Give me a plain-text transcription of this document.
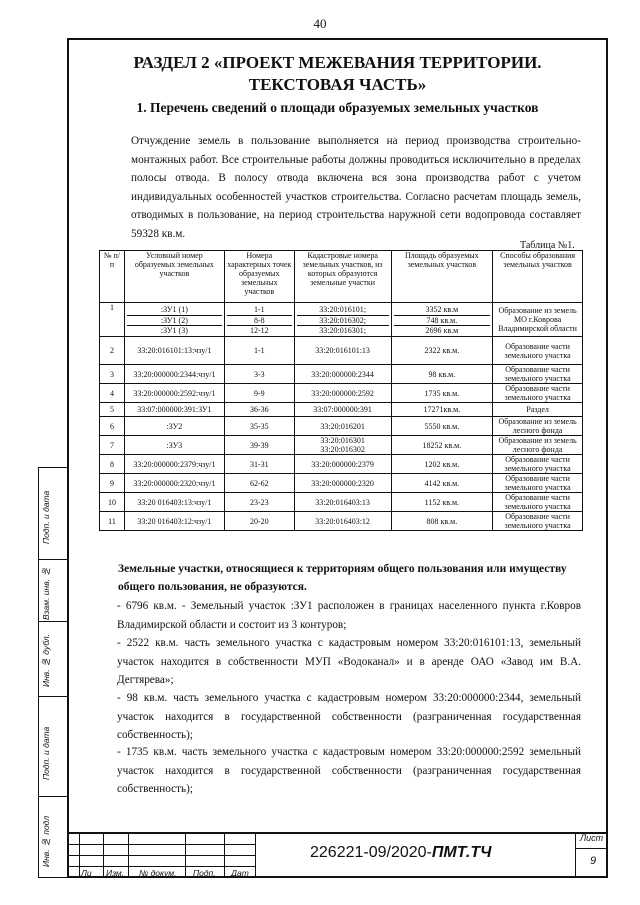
40
РАЗДЕЛ 2 «ПРОЕКТ МЕЖЕВАНИЯ ТЕРРИТОРИИ.
ТЕКСТОВАЯ ЧАСТЬ»
1. Перечень сведений о площади образуемых земельных участков
Отчуждение земель в пользование выполняется на период производства строительно-монтажных работ. Все строительные работы должны проводиться исключительно в пределах полосы отвода. В полосу отвода включена вся зона производства работ с учетом индивидуальных особенностей участков строительства. Согласно расчетам площадь земель, отводимых в пользование, на период строительства наружной сети водопровода составляет 59328 кв.м.
Таблица №1.
№ п/п	Условный номер образуемых земельных участков	Номера характерных точек образуемых земельных участков	Кадастровые номера земельных участков, из которых образуются земельные участки	Площадь образуемых земельных участков	Способы образования земельных участков
1	:ЗУ1 (1)
:ЗУ1 (2)
:ЗУ1 (3)	1-1
8-8
12-12	33:20:016101;
33:20:016302;
33:20:016301;	3352 кв.м
748 кв.м.
2696 кв.м	Образование из земель МО г.Коврова Владимирской области
2	33:20:016101:13:чзу/1	1-1	33:20:016101:13	2322 кв.м.	Образование части земельного участка
3	33:20:000000:2344:чзу/1	3-3	33:20:000000:2344	98 кв.м.	Образование части земельного участка
4	33:20:000000:2592:чзу/1	9-9	33:20:000000:2592	1735 кв.м.	Образование части земельного участка
5	33:07:000000:391:ЗУ1	36-36	33:07:000000:391	17271кв.м.	Раздел
6	:ЗУ2	35-35	33:20:016201	5550 кв.м.	Образование из земель лесного фонда
7	:ЗУ3	39-39	33:20:016301
33:20:016302	18252 кв.м.	Образование из земель лесного фонда
8	33:20:000000:2379:чзу/1	31-31	33:20:000000:2379	1202 кв.м.	Образование части земельного участка
9	33:20:000000:2320:чзу/1	62-62	33:20:000000:2320	4142 кв.м.	Образование части земельного участка
10	33:20 016403:13:чзу/1	23-23	33:20:016403:13	1152 кв.м.	Образование части земельного участка
11	33:20 016403:12:чзу/1	20-20	33:20:016403:12	808 кв.м.	Образование части земельного участка
Земельные участки, относящиеся к территориям общего пользования или имуществу общего пользования, не образуются.
- 6796 кв.м. - Земельный участок :ЗУ1 расположен в границах населенного пункта г.Ковров Владимирской области и состоит из 3 контуров;
- 2522 кв.м. часть земельного участка с кадастровым номером 33:20:016101:13, земельный участок находится в собственности МУП «Водоканал» и в аренде ОАО «Завод им В.А. Дегтярева»;
- 98 кв.м. часть земельного участка с кадастровым номером 33:20:000000:2344, земельный участок находится в государственной собственности (разграниченная государственная собственность);
- 1735 кв.м. часть земельного участка с кадастровым номером 33:20:000000:2592 земельный участок находится в государственной собственности (разграниченная государственная собственность);
Подп. и дата
Взам. инв. №
Инв. № дубл.
Подп. и дата
Инв. № подл
Ли Изм. № докум. Подп. Дат
226221-09/2020-ПМТ.ТЧ
Лист
9
